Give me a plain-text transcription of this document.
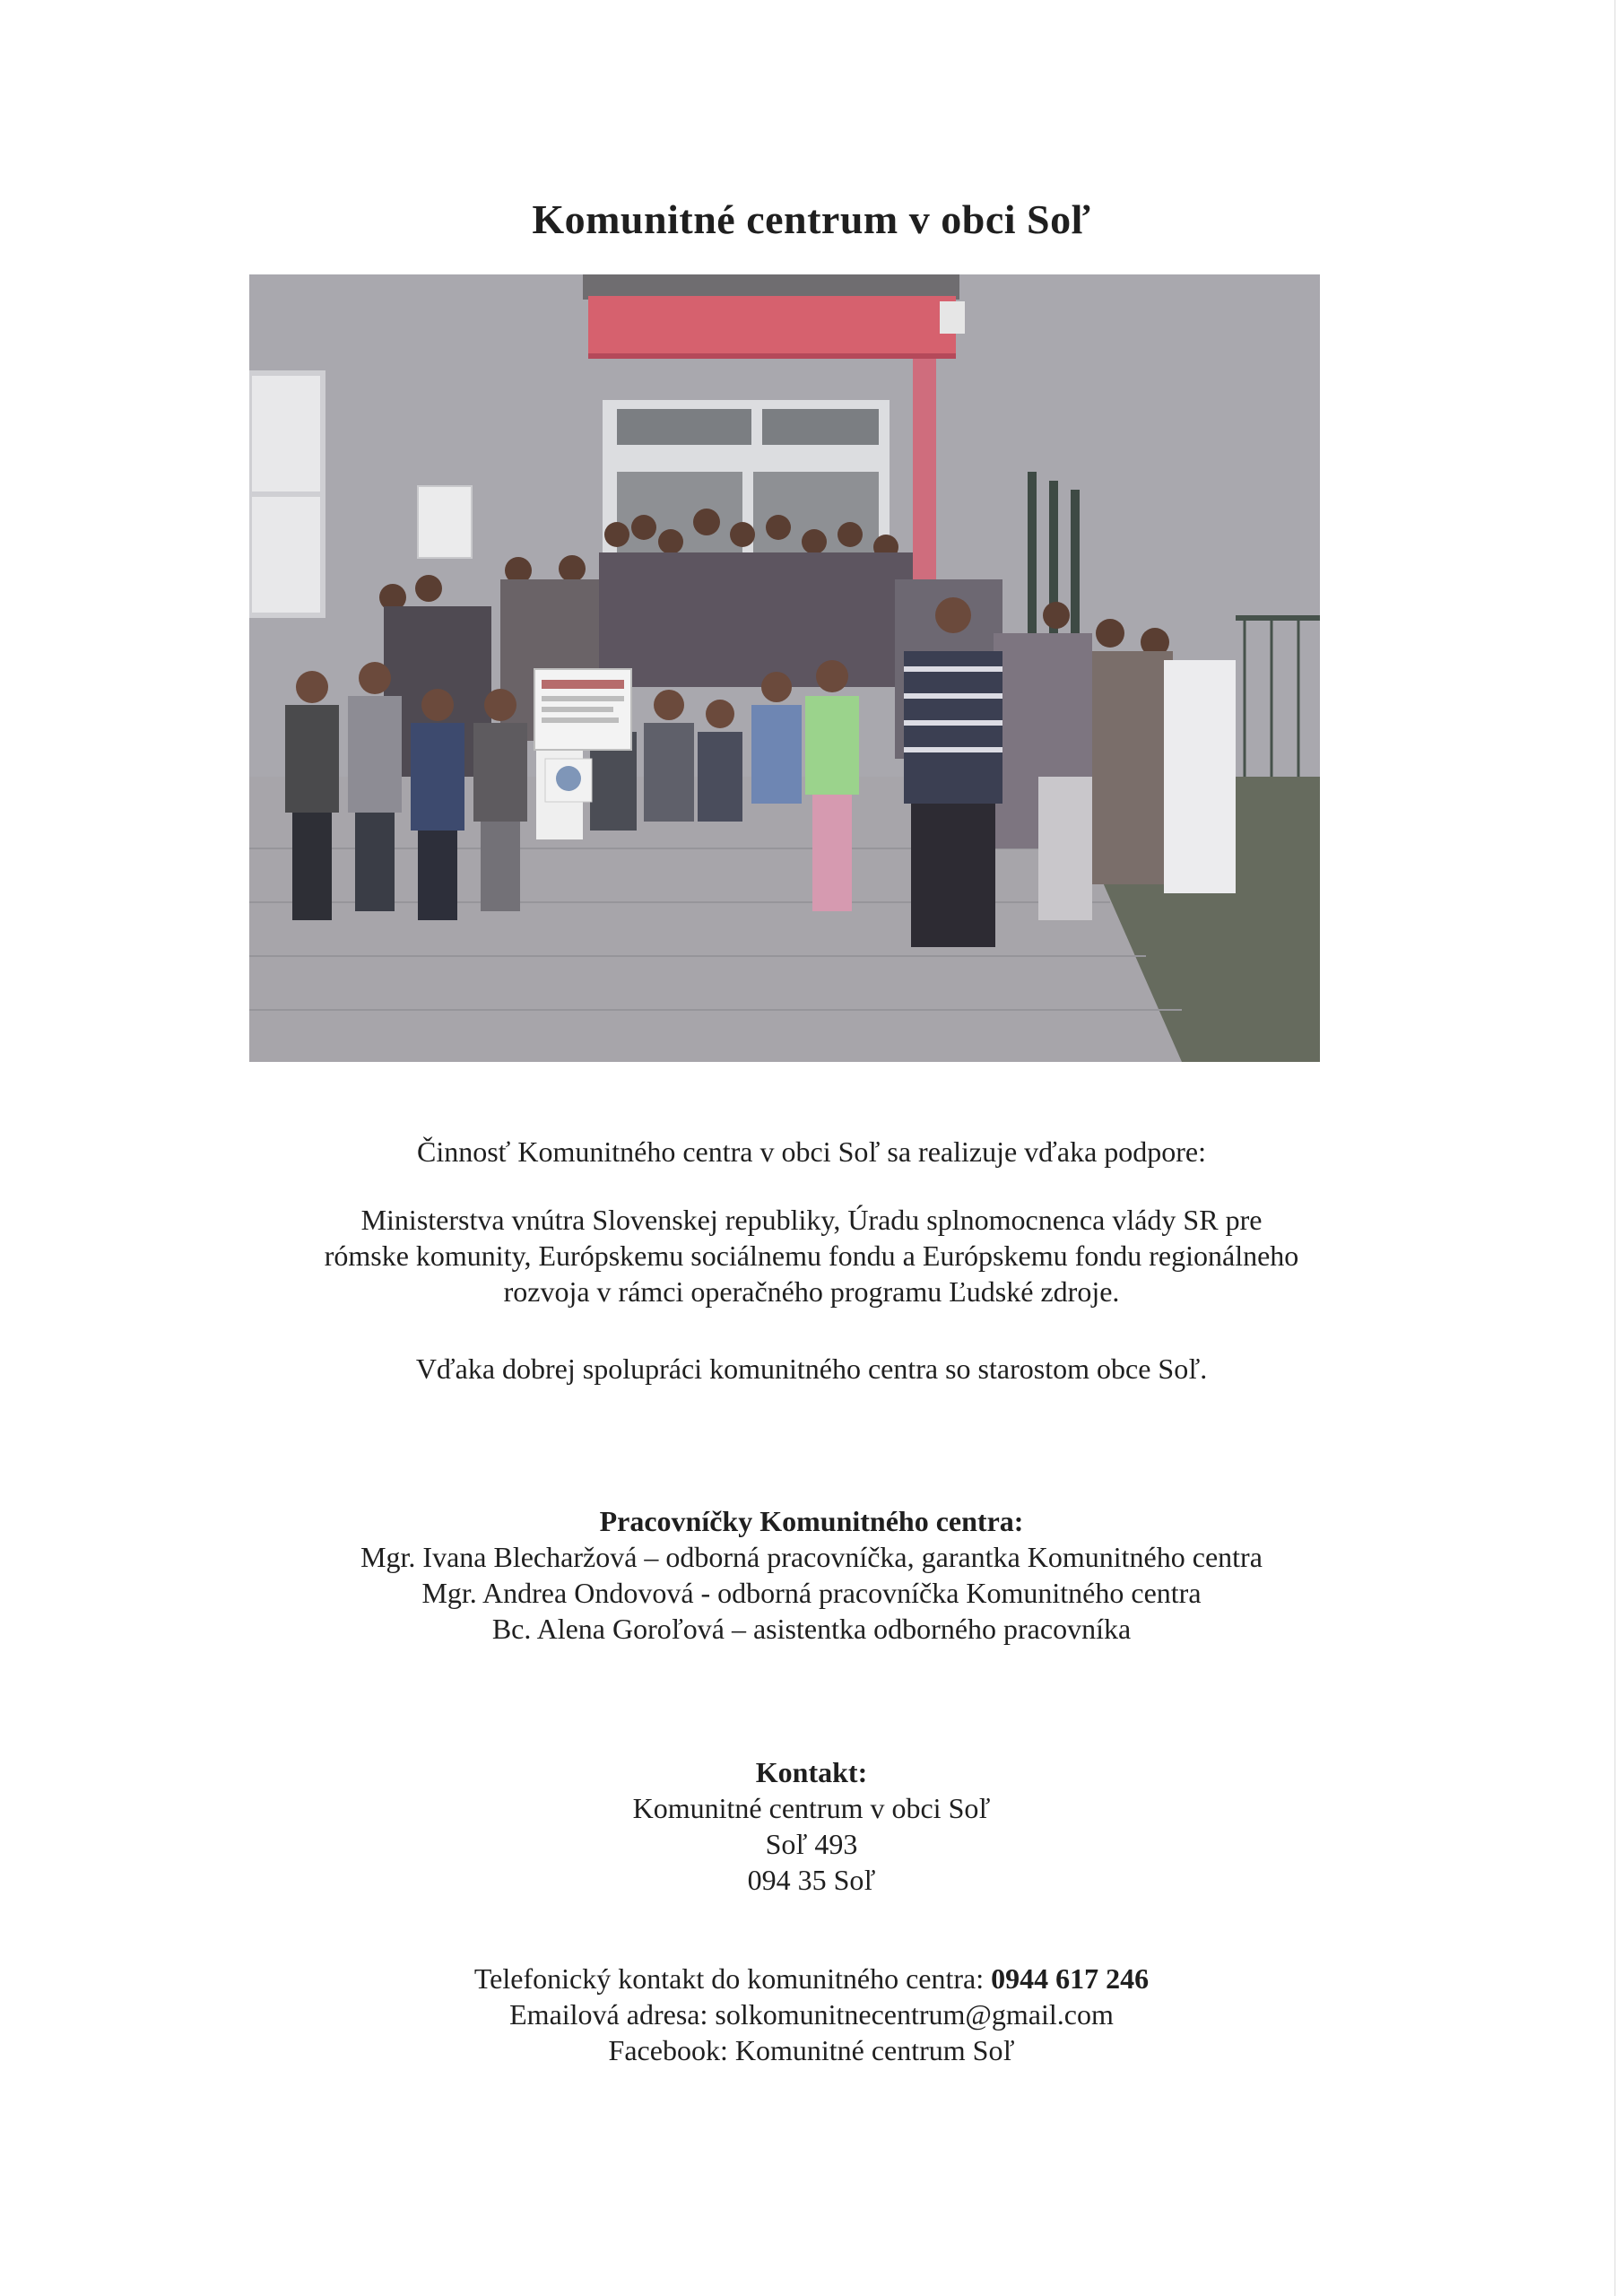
Komunitné centrum v obci Soľ

Činnosť Komunitného centra v obci Soľ sa realizuje vďaka podpore:

Ministerstva vnútra Slovenskej republiky, Úradu splnomocnenca vlády SR pre

rómske komunity, Európskemu sociálnemu fondu a Európskemu fondu regionálneho

rozvoja v rámci operačného programu Ľudské zdroje.

Vďaka dobrej spolupráci komunitného centra so starostom obce Soľ.

Pracovníčky Komunitného centra:

Mgr. Ivana Blecharžová – odborná pracovníčka, garantka Komunitného centra

Mgr. Andrea Ondovová - odborná pracovníčka Komunitného centra

Bc. Alena Goroľová – asistentka odborného pracovníka

Kontakt:

Komunitné centrum v obci Soľ

Soľ 493

094 35 Soľ

Telefonický kontakt do komunitného centra: 0944 617 246

Emailová adresa: solkomunitnecentrum@gmail.com

Facebook: Komunitné centrum Soľ
